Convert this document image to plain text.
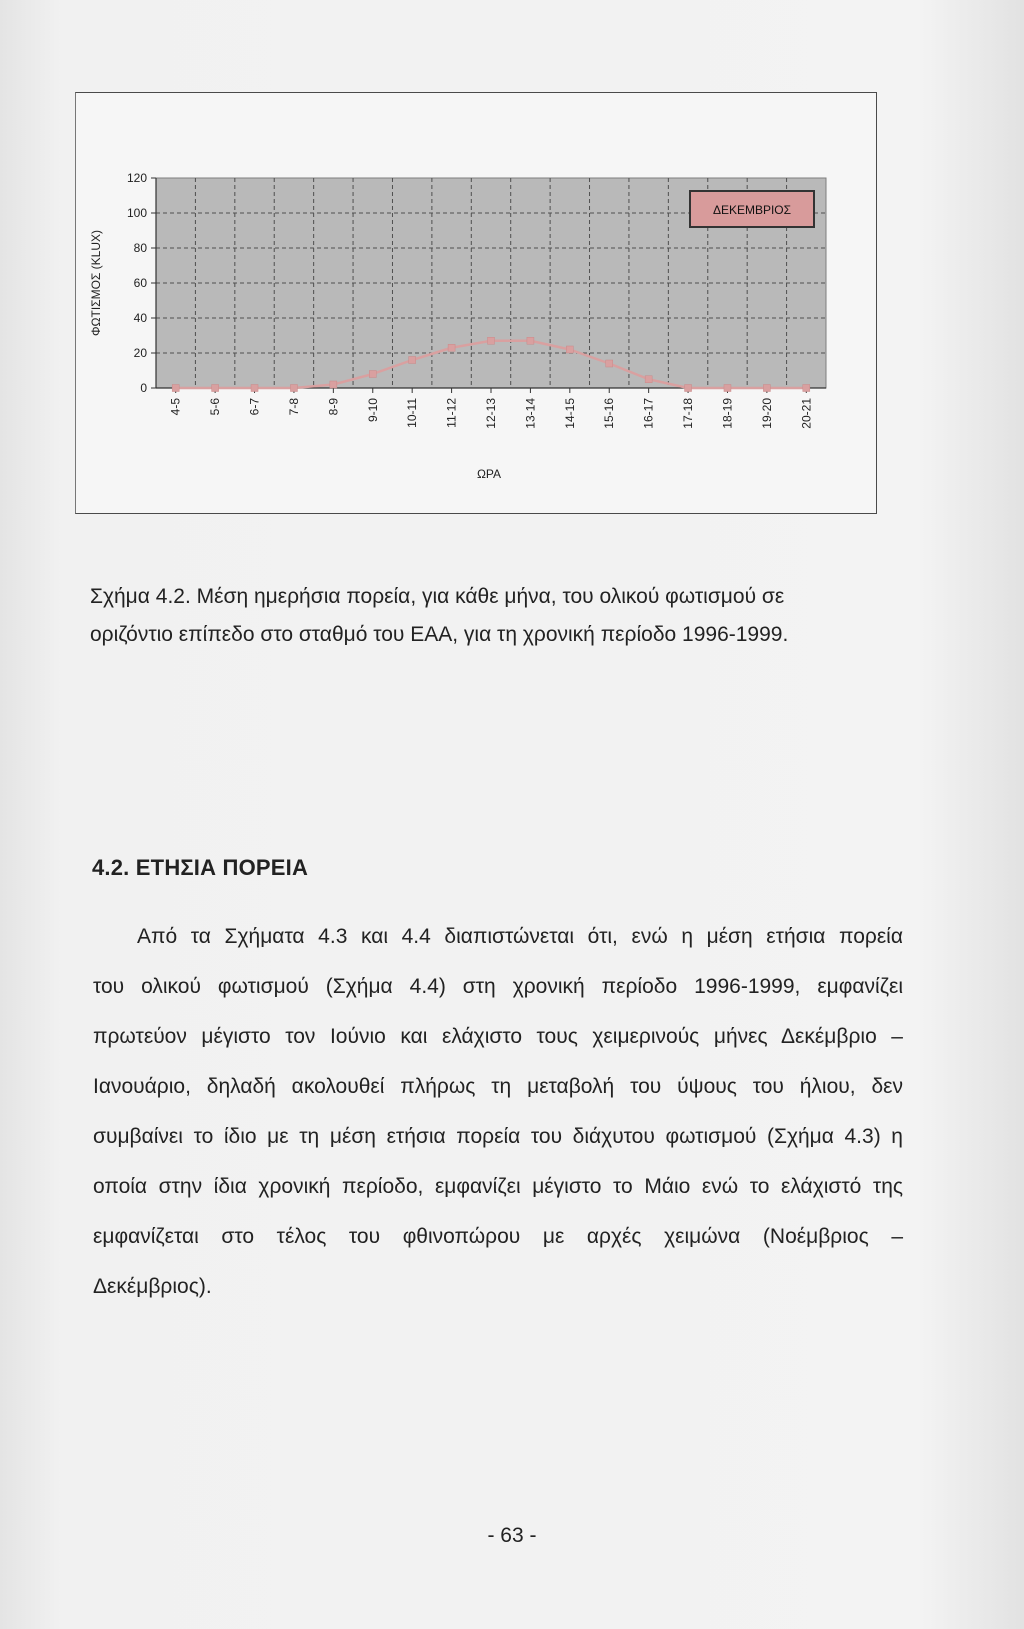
0
20
40
60
80
100
120
4-5 5-6 6-7 7-8 8-9 9-10 10-11 11-12 12-13 13-14 14-15 15-16 16-17 17-18 18-19 19-20 20-21
ΦΩΤΙΣΜΟΣ (KLUX)
ΩΡΑ
ΔΕΚΕΜΒΡΙΟΣ
Σχήμα 4.2. Μέση ημερήσια πορεία, για κάθε μήνα, του ολικού φωτισμού σε
οριζόντιο επίπεδο στο σταθμό του ΕΑΑ, για τη χρονική περίοδο 1996-1999.
4.2. ΕΤΗΣΙΑ ΠΟΡΕΙΑ
Από τα Σχήματα 4.3 και 4.4 διαπιστώνεται ότι, ενώ η μέση ετήσια πορεία
του ολικού φωτισμού (Σχήμα 4.4) στη χρονική περίοδο 1996-1999, εμφανίζει
πρωτεύον μέγιστο τον Ιούνιο και ελάχιστο τους χειμερινούς μήνες Δεκέμβριο –
Ιανουάριο, δηλαδή ακολουθεί πλήρως τη μεταβολή του ύψους του ήλιου, δεν
συμβαίνει το ίδιο με τη μέση ετήσια πορεία του διάχυτου φωτισμού (Σχήμα 4.3) η
οποία στην ίδια χρονική περίοδο, εμφανίζει μέγιστο το Μάιο ενώ το ελάχιστό της
εμφανίζεται στο τέλος του φθινοπώρου με αρχές χειμώνα (Νοέμβριος –
Δεκέμβριος).
- 63 -
